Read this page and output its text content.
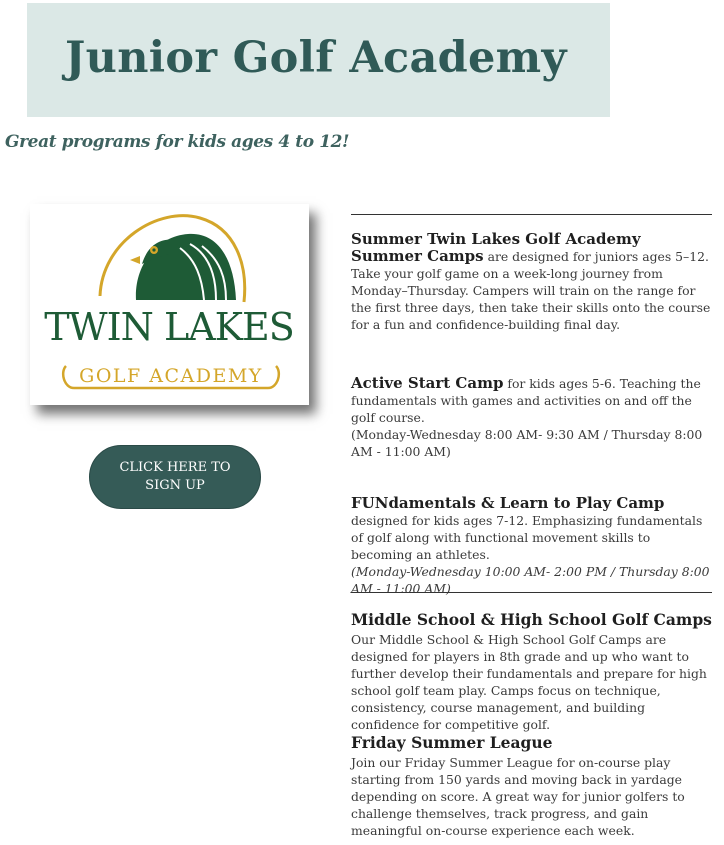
Junior Golf Academy

Great programs for kids ages 4 to 12!

TWIN LAKES
GOLF ACADEMY
CLICK HERE TO SIGN UP

Summer Twin Lakes Golf Academy Summer Camps are designed for juniors ages 5–12. Take your golf game on a week-long journey from Monday–Thursday. Campers will train on the range for the first three days, then take their skills onto the course for a fun and confidence-building final day.

Active Start Camp for kids ages 5-6. Teaching the fundamentals with games and activities on and off the golf course.

(Monday-Wednesday 8:00 AM- 9:30 AM / Thursday 8:00 AM - 11:00 AM)

FUNdamentals & Learn to Play Camp designed for kids ages 7-12. Emphasizing fundamentals of golf along with functional movement skills to becoming an athletes.

(Monday-Wednesday 10:00 AM- 2:00 PM / Thursday 8:00 AM - 11:00 AM)

Middle School & High School Golf Camps

Our Middle School & High School Golf Camps are designed for players in 8th grade and up who want to further develop their fundamentals and prepare for high school golf team play. Camps focus on technique, consistency, course management, and building confidence for competitive golf.

Friday Summer League

Join our Friday Summer League for on-course play starting from 150 yards and moving back in yardage depending on score. A great way for junior golfers to challenge themselves, track progress, and gain meaningful on-course experience each week.
